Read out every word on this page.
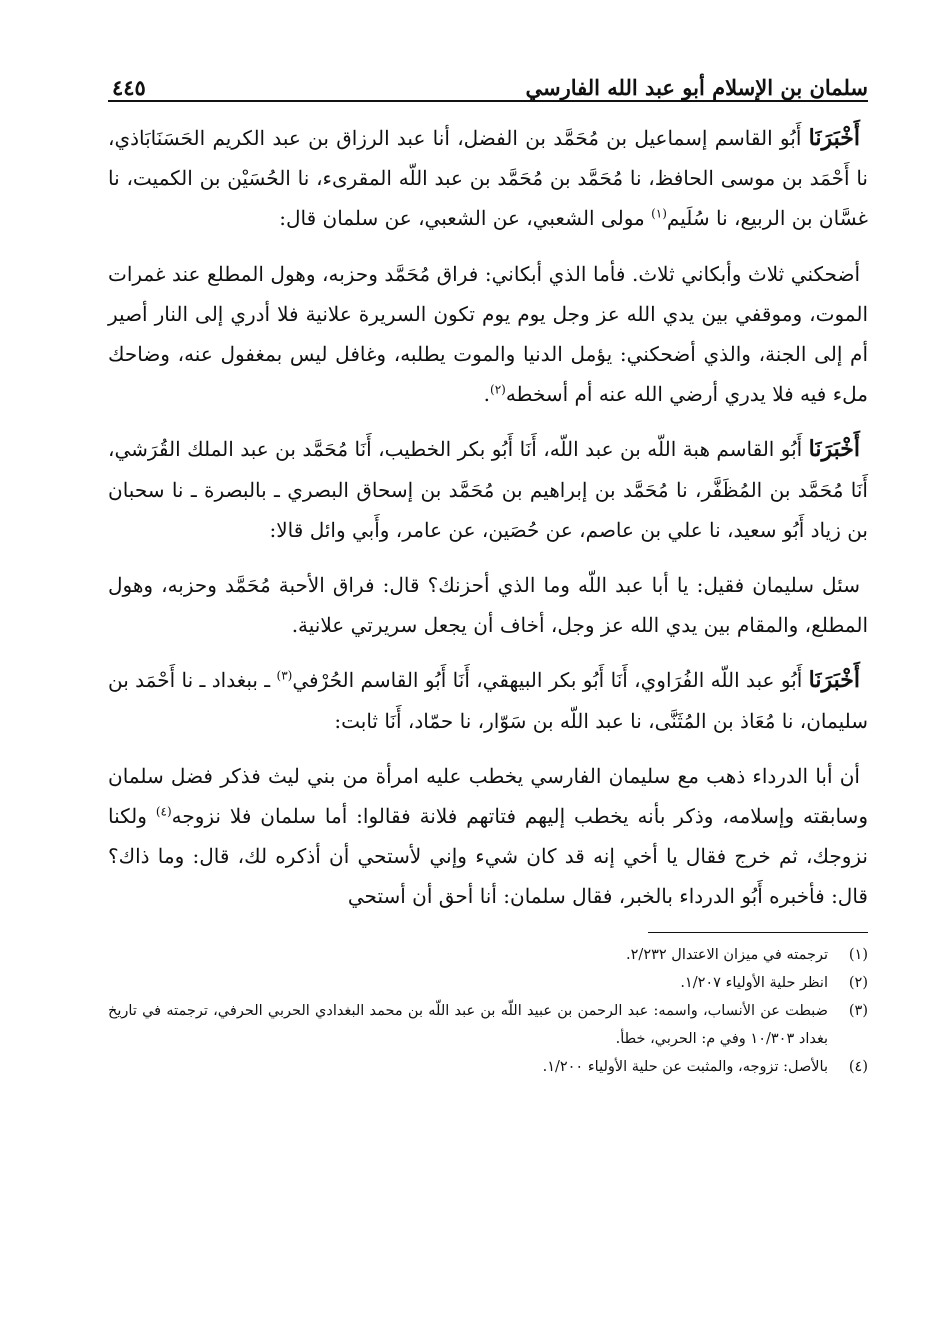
سلمان بن الإسلام أبو عبد الله الفارسي
٤٤٥

أَخْبَرَنَا أَبُو القاسم إسماعيل بن مُحَمَّد بن الفضل، أنا عبد الرزاق بن عبد الكريم الحَسَنَابَاذي، نا أَحْمَد بن موسى الحافظ، نا مُحَمَّد بن مُحَمَّد بن عبد اللّه المقرىء، نا الحُسَيْن بن الكميت، نا غسَّان بن الربيع، نا سُلَيم$^{(١)}$ مولى الشعبي، عن الشعبي، عن سلمان قال:

أضحكني ثلاث وأبكاني ثلاث. فأما الذي أبكاني: فراق مُحَمَّد وحزبه، وهول المطلع عند غمرات الموت، وموقفي بين يدي الله عز وجل يوم يوم تكون السريرة علانية فلا أدري إلى النار أصير أم إلى الجنة، والذي أضحكني: يؤمل الدنيا والموت يطلبه، وغافل ليس بمغفول عنه، وضاحك ملء فيه فلا يدري أرضي الله عنه أم أسخطه$^{(٢)}$.

أَخْبَرَنَا أَبُو القاسم هبة اللّه بن عبد اللّه، أَنَا أَبُو بكر الخطيب، أَنَا مُحَمَّد بن عبد الملك القُرَشي، أَنَا مُحَمَّد بن المُظَفَّر، نا مُحَمَّد بن إبراهيم بن مُحَمَّد بن إسحاق البصري ـ بالبصرة ـ نا سحبان بن زياد أَبُو سعيد، نا علي بن عاصم، عن حُصَين، عن عامر، وأَبي وائل قالا:

سئل سليمان فقيل: يا أبا عبد اللّه وما الذي أحزنك؟ قال: فراق الأحبة مُحَمَّد وحزبه، وهول المطلع، والمقام بين يدي الله عز وجل، أخاف أن يجعل سريرتي علانية.

أَخْبَرَنَا أَبُو عبد اللّه الفُرَاوي، أَنَا أَبُو بكر البيهقي، أَنَا أَبُو القاسم الحُرْفي$^{(٣)}$ ـ ببغداد ـ نا أَحْمَد بن سليمان، نا مُعَاذ بن المُثَنَّى، نا عبد اللّه بن سَوّار، نا حمّاد، أَنَا ثابت:

أن أبا الدرداء ذهب مع سليمان الفارسي يخطب عليه امرأة من بني ليث فذكر فضل سلمان وسابقته وإسلامه، وذكر بأنه يخطب إليهم فتاتهم فلانة فقالوا: أما سلمان فلا نزوجه$^{(٤)}$ ولكنا نزوجك، ثم خرج فقال يا أخي إنه قد كان شيء وإني لأستحي أن أذكره لك، قال: وما ذاك؟ قال: فأخبره أَبُو الدرداء بالخبر، فقال سلمان: أنا أحق أن أستحي

(١)
ترجمته في ميزان الاعتدال ٢/٢٣٢.
(٢)
انظر حلية الأولياء ١/٢٠٧.
(٣)
ضبطت عن الأنساب، واسمه: عبد الرحمن بن عبيد اللّه بن عبد اللّه بن محمد البغدادي الحربي الحرفي، ترجمته في تاريخ بغداد ١٠/٣٠٣ وفي م: الحربي، خطأ.
(٤)
بالأصل: تزوجه، والمثبت عن حلية الأولياء ١/٢٠٠.
